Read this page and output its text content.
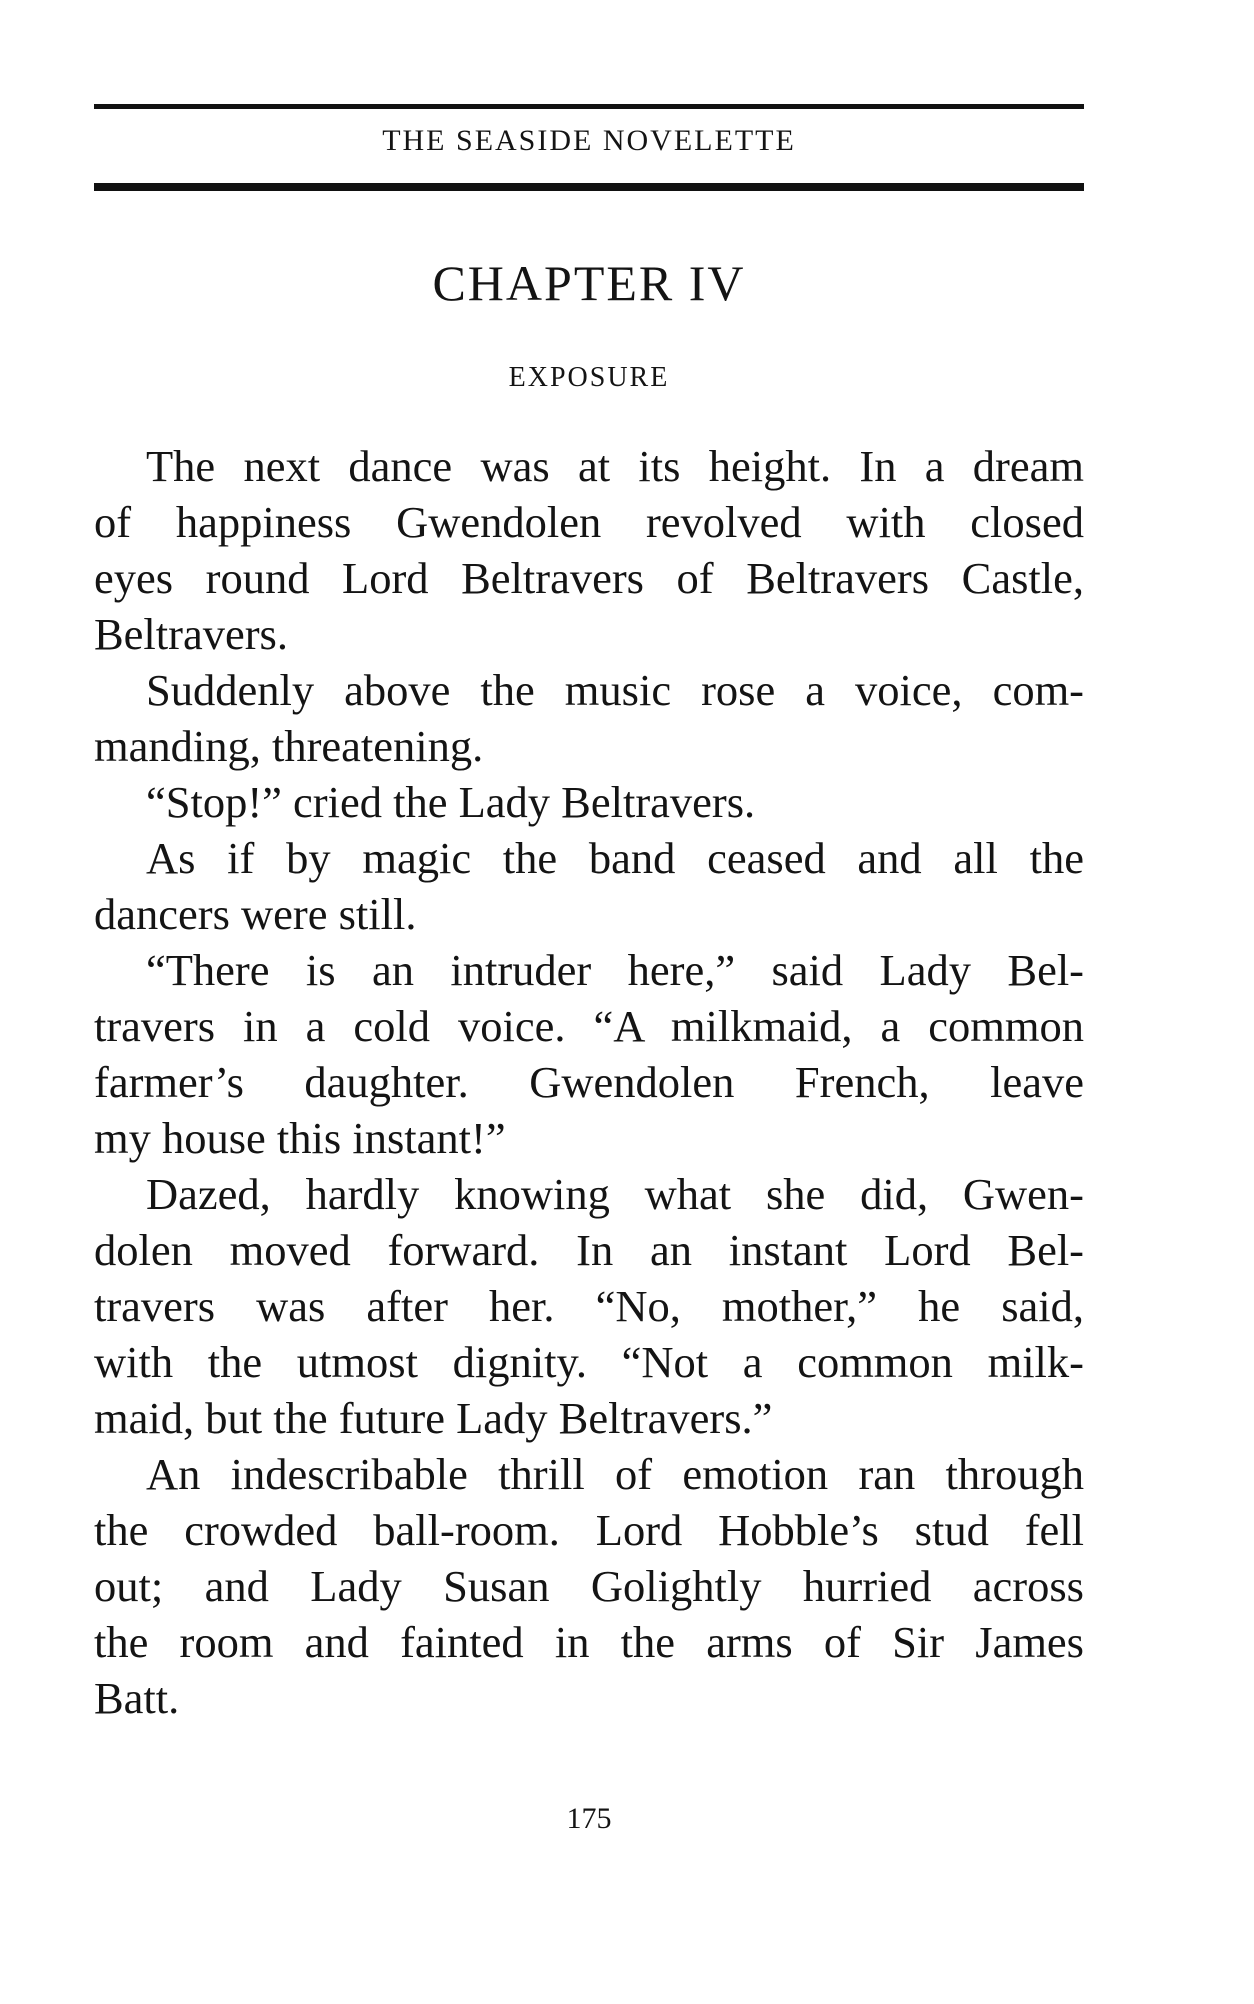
THE SEASIDE NOVELETTE
CHAPTER IV
EXPOSURE
The next dance was at its height. In a dream
of happiness Gwendolen revolved with closed
eyes round Lord Beltravers of Beltravers Castle,
Beltravers.
Suddenly above the music rose a voice, com-
manding, threatening.
“Stop!” cried the Lady Beltravers.
As if by magic the band ceased and all the
dancers were still.
“There is an intruder here,” said Lady Bel-
travers in a cold voice. “A milkmaid, a common
farmer’s daughter. Gwendolen French, leave
my house this instant!”
Dazed, hardly knowing what she did, Gwen-
dolen moved forward. In an instant Lord Bel-
travers was after her. “No, mother,” he said,
with the utmost dignity. “Not a common milk-
maid, but the future Lady Beltravers.”
An indescribable thrill of emotion ran through
the crowded ball-room. Lord Hobble’s stud fell
out; and Lady Susan Golightly hurried across
the room and fainted in the arms of Sir James
Batt.
175
